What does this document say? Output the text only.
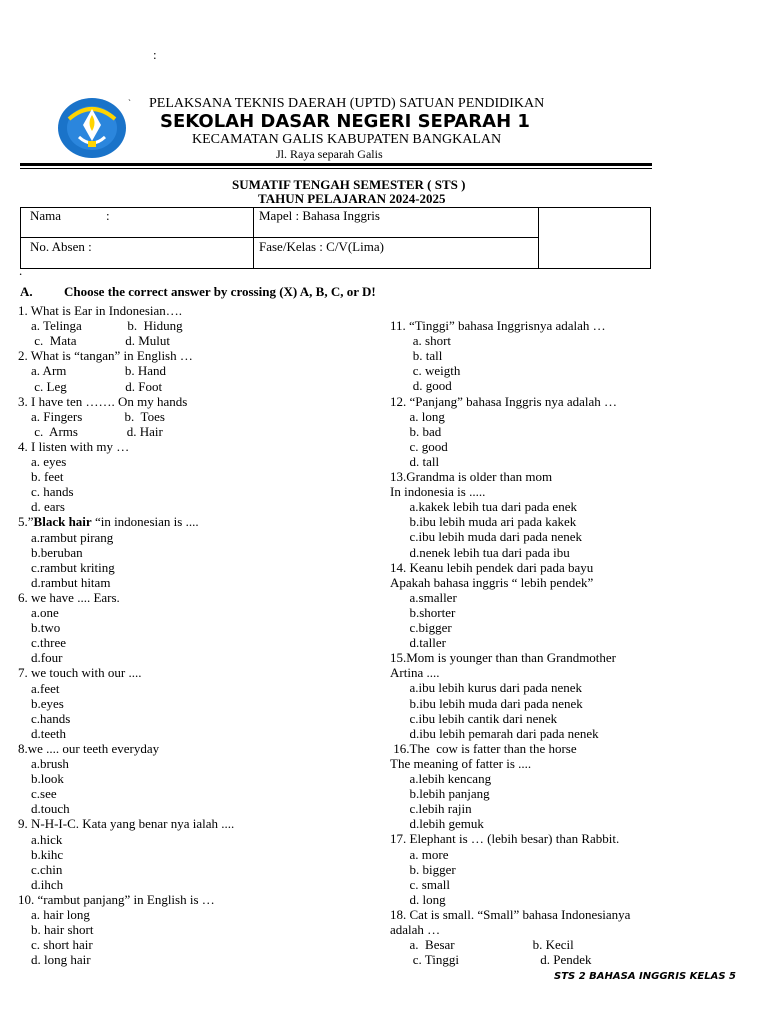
:
` PELAKSANA TEKNIS DAERAH (UPTD) SATUAN PENDIDIKAN
SEKOLAH DASAR NEGERI SEPARAH 1
KECAMATAN GALIS KABUPATEN BANGKALAN
Jl. Raya separah Galis
SUMATIF TENGAH SEMESTER ( STS )
TAHUN PELAJARAN 2024-2025
Nama	:	Mapel : Bahasa Inggris
No. Absen :	Fase/Kelas : C/V(Lima)
.
A. Choose the correct answer by crossing (X) A, B, C, or D!
1. What is Ear in Indonesian….
a. Telinga              b.  Hidung
c.  Mata               d. Mulut
2. What is “tangan” in English …
a. Arm                  b. Hand
c. Leg                  d. Foot
3. I have ten ……. On my hands
a. Fingers             b.  Toes
c.  Arms               d. Hair
4. I listen with my …
a. eyes
b. feet
c. hands
d. ears
5.”Black hair “in indonesian is ....
a.rambut pirang
b.beruban
c.rambut kriting
d.rambut hitam
6. we have .... Ears.
a.one
b.two
c.three
d.four
7. we touch with our ....
a.feet
b.eyes
c.hands
d.teeth
8.we .... our teeth everyday
a.brush
b.look
c.see
d.touch
9. N-H-I-C. Kata yang benar nya ialah ....
a.hick
b.kihc
c.chin
d.ihch
10. “rambut panjang” in English is …
a. hair long
b. hair short
c. short hair
d. long hair
11. “Tinggi” bahasa Inggrisnya adalah …
a. short
b. tall
c. weigth
d. good
12. “Panjang” bahasa Inggris nya adalah …
a. long
b. bad
c. good
d. tall
13.Grandma is older than mom
In indonesia is .....
a.kakek lebih tua dari pada enek
b.ibu lebih muda ari pada kakek
c.ibu lebih muda dari pada nenek
d.nenek lebih tua dari pada ibu
14. Keanu lebih pendek dari pada bayu
Apakah bahasa inggris “ lebih pendek”
a.smaller
b.shorter
c.bigger
d.taller
15.Mom is younger than than Grandmother
Artina ....
a.ibu lebih kurus dari pada nenek
b.ibu lebih muda dari pada nenek
c.ibu lebih cantik dari nenek
d.ibu lebih pemarah dari pada nenek
16.The  cow is fatter than the horse
The meaning of fatter is ....
a.lebih kencang
b.lebih panjang
c.lebih rajin
d.lebih gemuk
17. Elephant is … (lebih besar) than Rabbit.
a. more
b. bigger
c. small
d. long
18. Cat is small. “Small” bahasa Indonesianya
adalah …
a.  Besar                        b. Kecil
c. Tinggi                         d. Pendek
STS 2 BAHASA INGGRIS KELAS 5
